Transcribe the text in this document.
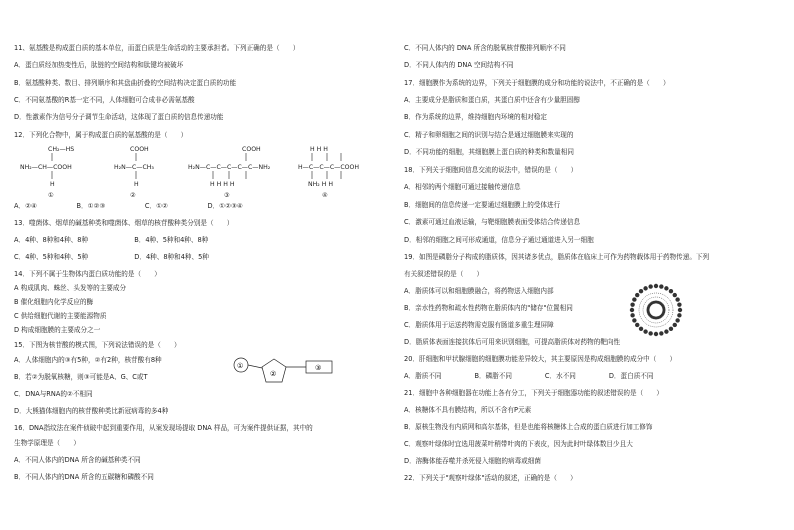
11、氨基酸是构成蛋白质的基本单位，而蛋白质是生命活动的主要承担者。下列正确的是（　　）
A．蛋白质经加热变性后，肽链的空间结构和肽键均被破坏
B．氨基酸种类、数目、排列顺序和其盘曲折叠的空间结构决定蛋白质的功能
C．不同氨基酸的R基一定不同，人体细胞可合成非必需氨基酸
D．性激素作为信号分子调节生命活动，这体现了蛋白质的信息传递功能
12．下列化合物中，属于构成蛋白质的氨基酸的是（　　）
CH₂—HS
NH₂—CH—COOH
H
①
COOH
H₂N—C—CH₃
H
②
COOH
H₂N—C—C—C—C—C—NH₂
H H H H
③
H H H
H—C—C—C—COOH
NH₂ H H
④
A．②④　　　　　　B．①②③　　　　　　C．①②　　　　　　D．①②③④
13．噬菌体、烟草的碱基种类和噬菌体、烟草的核苷酸种类分别是（　　）
A．4种、8种和4种、8种　　　　　　　B．4种、5种和4种、8种
C．4种、5种和4种、5种　　　　　　　D．4种、8种和4种、5种
14．下列不属于生物体内蛋白质功能的是（　　）
A 构成肌肉、蛛丝、头发等的主要成分
B 催化细胞内化学反应的酶
C 供给细胞代谢的主要能源物质
D 构成细胞膜的主要成分之一
15．下图为核苷酸的模式图，下列说法错误的是（　　）
A．人体细胞内的③有5种，②有2种，核苷酸有8种
B．若②为脱氧核糖，则③可能是A、G、C或T
C．DNA与RNA的②不相同
D．大熊猫体细胞内的核苷酸种类比新冠病毒的多4种
①
②
③
16．DNA指纹法在案件侦破中起到重要作用，从案发现场提取 DNA 样品，可为案件提供证据，其中的
生物学原理是（　　）
A．不同人体内的DNA 所含的碱基种类不同
B．不同人体内的DNA 所含的五碳糖和磷酸不同
C．不同人体内的 DNA 所含的脱氧核苷酸排列顺序不同
D．不同人体内的 DNA 空间结构不同
17．细胞膜作为系统的边界，下列关于细胞膜的成分和功能的说法中，不正确的是（　　）
A．主要成分是脂质和蛋白质，其蛋白质中还含有少量胆固醇
B．作为系统的边界，维持细胞内环境的相对稳定
C．精子和卵细胞之间的识别与结合是通过细胞膜来实现的
D．不同功能的细胞，其细胞膜上蛋白质的种类和数量相同
18．下列关于细胞间信息交流的说法中，错误的是（　　）
A．相邻的两个细胞可通过接触传递信息
B．细胞间的信息传递一定要通过细胞膜上的受体进行
C．激素可通过血液运输，与靶细胞膜表面受体结合传递信息
D．相邻的细胞之间可形成通道，信息分子通过通道进入另一细胞
19．如图是磷脂分子构成的脂质体，因其诸多优点，脂质体在临床上可作为药物载体用于药物传递。下列
有关叙述错误的是（　　）
A．脂质体可以和细胞膜融合，将药物送入细胞内部
B．亲水性药物和疏水性药物在脂质体内的"储存"位置相同
C．脂质体用于运送药物需克服有肠道多重生理屏障
D．脂质体表面连接抗体后可用来识别细胞，可提高脂质体对药物的靶向性
20．肝细胞和甲状腺细胞的细胞膜功能差异较大，其主要原因是构成细胞膜的成分中（　　）
A．脂质不同　　　　　B．磷脂不同　　　　　C．水不同　　　　　D．蛋白质不同
21．细胞中各种细胞器在功能上各有分工，下列关于细胞器功能的叙述错误的是（　　）
A．核糖体不具有膜结构，所以不含有P元素
B．原核生物没有内质网和高尔基体，但是也能将核糖体上合成的蛋白质进行加工修饰
C．观察叶绿体时宜选用菠菜叶稍带叶肉的下表皮，因为此时叶绿体数目少且大
D．溶酶体能吞噬并杀死侵入细胞的病毒或细菌
22．下列关于"观察叶绿体"活动的叙述，正确的是（　　）
